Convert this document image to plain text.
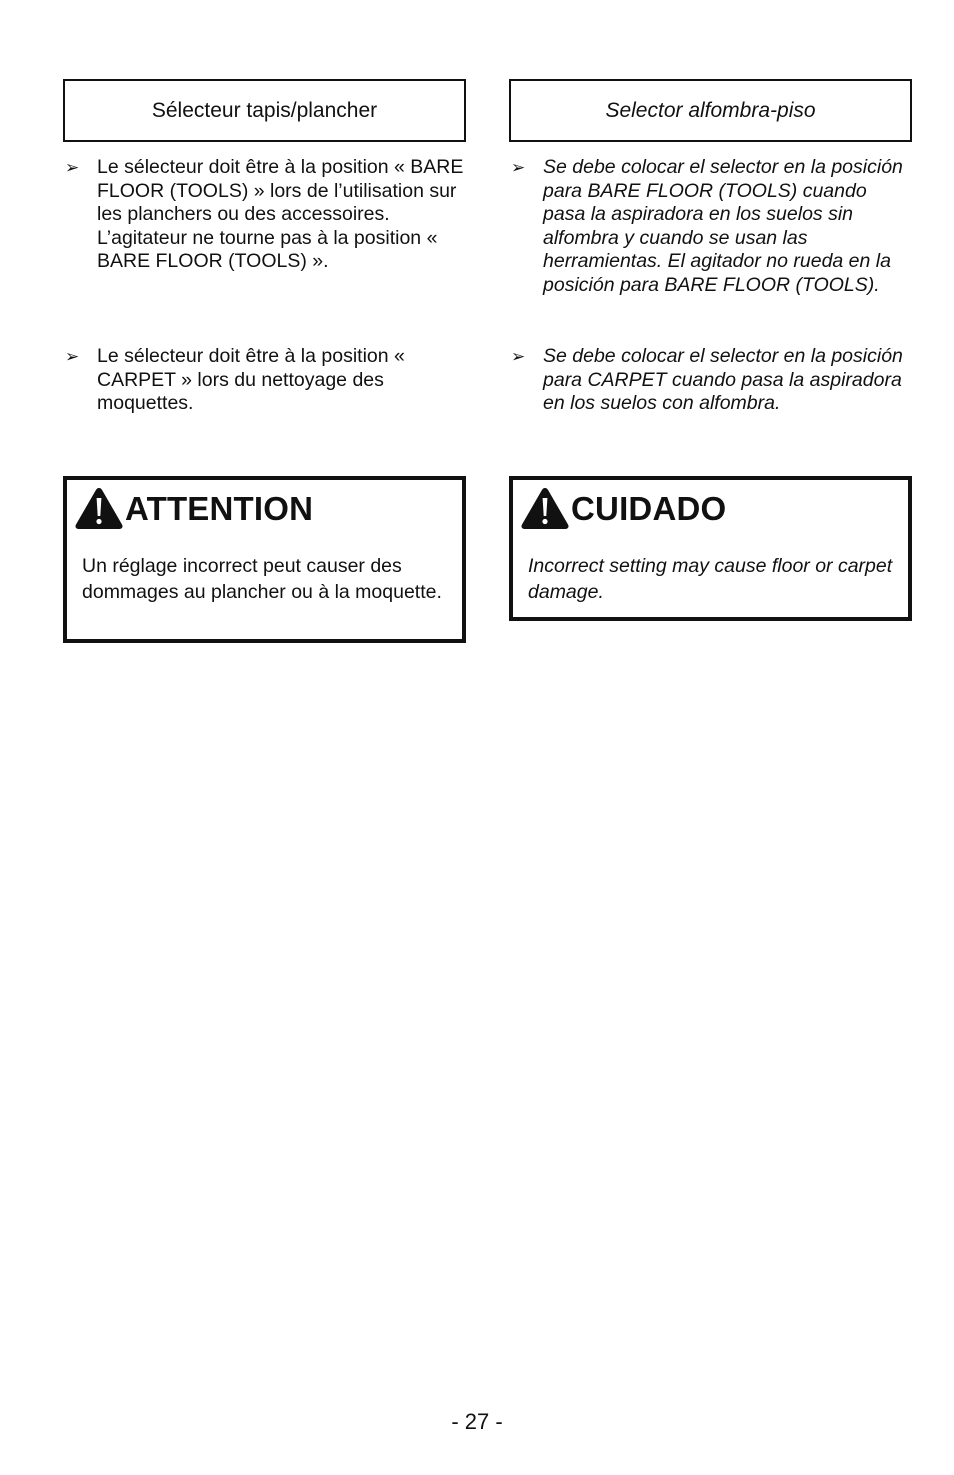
Sélecteur tapis/plancher
➢ Le sélecteur doit être à la position « BARE FLOOR (TOOLS) » lors de l’utilisation sur les planchers ou des accessoires. L’agitateur ne tourne pas à la position « BARE FLOOR (TOOLS) ».
➢ Le sélecteur doit être à la position « CARPET » lors du nettoyage des moquettes.
ATTENTION
Un réglage incorrect peut causer des dommages au plancher ou à la moquette.
Selector alfombra-piso
➢ Se debe colocar el selector en la posición para BARE FLOOR (TOOLS) cuando pasa la aspiradora en los suelos sin alfombra y cuando se usan las herramientas. El agitador no rueda en la posición para BARE FLOOR (TOOLS).
➢ Se debe colocar el selector en la posición para CARPET cuando pasa la aspiradora en los suelos con alfombra.
CUIDADO
Incorrect setting may cause floor or carpet damage.
- 27 -
